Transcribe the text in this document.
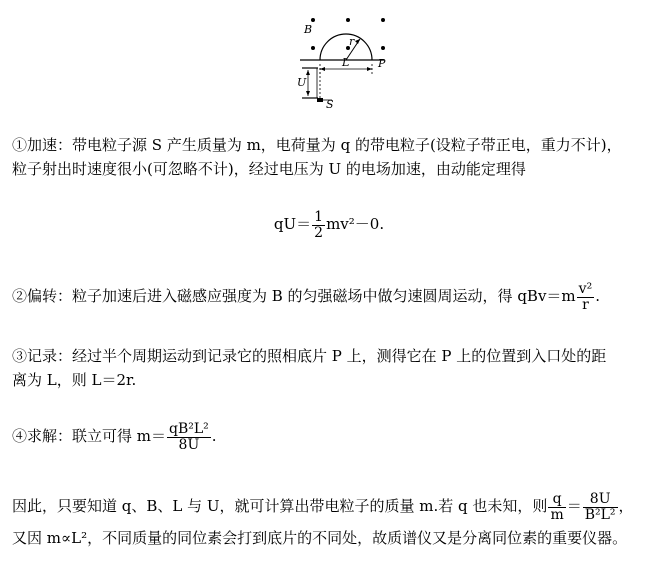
B
r
L	P
U
S
①加速：带电粒子源 S 产生质量为 m，电荷量为 q 的带电粒子(设粒子带正电，重力不计)，
粒子射出时速度很小(可忽略不计)，经过电压为 U 的电场加速，由动能定理得
$qU= \frac{1}{2} mv^2-0$.
②偏转：粒子加速后进入磁感应强度为 B 的匀强磁场中做匀速圆周运动，得 $qBv=m \frac{\text{v²}}{r}$ .
③记录：经过半个周期运动到记录它的照相底片 P 上，测得它在 P 上的位置到入口处的距
离为 L，则 L＝2r.
④求解：联立可得 $m= \frac{\text{qB²L²}}{8U}$ .
因此，只要知道 q、B、L 与 U，就可计算出带电粒子的质量 m.若 q 也未知，则 $\frac{q}{m} = \frac{8U}{\text{B²L²}}$ ，
又因 m∝L²，不同质量的同位素会打到底片的不同处，故质谱仪又是分离同位素的重要仪器。
